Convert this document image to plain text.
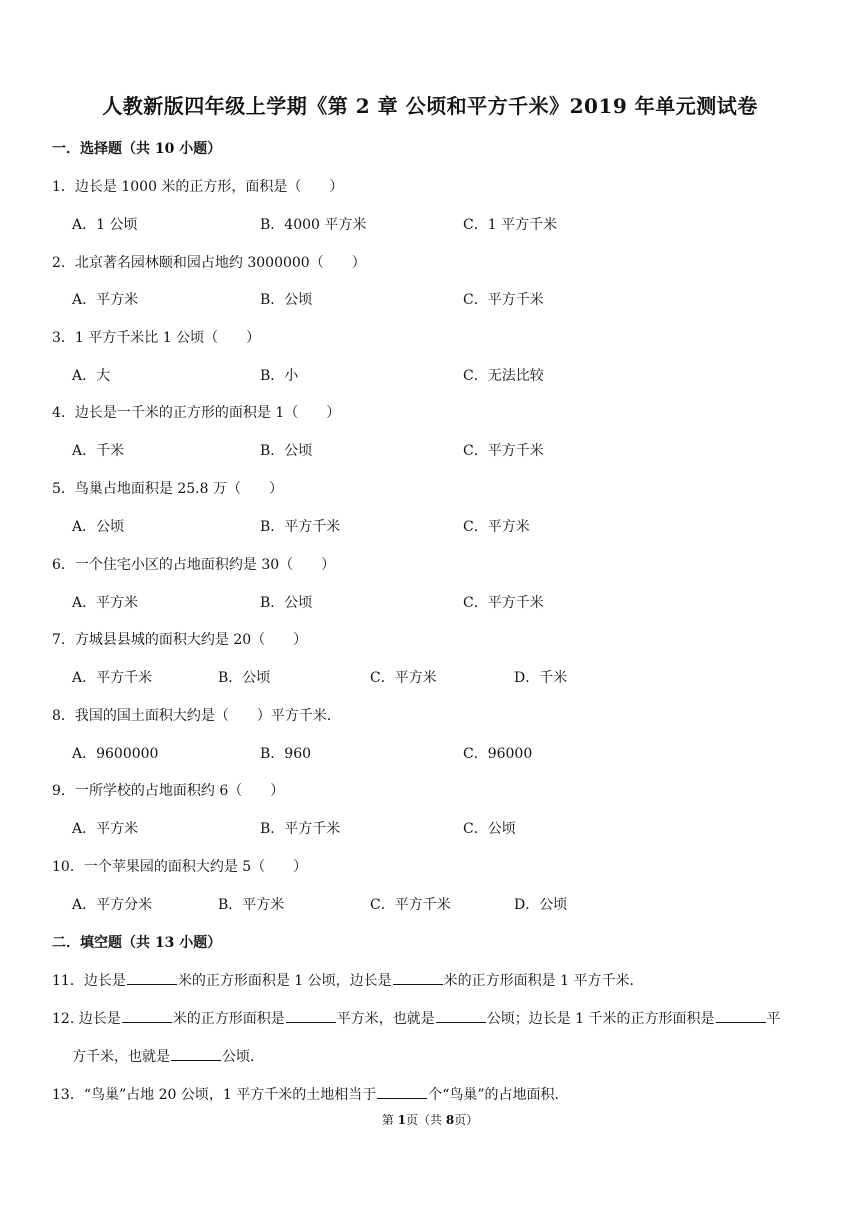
人教新版四年级上学期《第 2 章 公顷和平方千米》2019 年单元测试卷
一．选择题（共 10 小题）
1．边长是 1000 米的正方形，面积是（　　）
A．1 公顷	B．4000 平方米	C．1 平方千米
2．北京著名园林颐和园占地约 3000000（　　）
A．平方米	B．公顷	C．平方千米
3．1 平方千米比 1 公顷（　　）
A．大	B．小	C．无法比较
4．边长是一千米的正方形的面积是 1（　　）
A．千米	B．公顷	C．平方千米
5．鸟巢占地面积是 25.8 万（　　）
A．公顷	B．平方千米	C．平方米
6．一个住宅小区的占地面积约是 30（　　）
A．平方米	B．公顷	C．平方千米
7．方城县县城的面积大约是 20（　　）
A．平方千米	B．公顷	C．平方米	D．千米
8．我国的国土面积大约是（　　）平方千米．
A．9600000	B．960	C．96000
9．一所学校的占地面积约 6（　　）
A．平方米	B．平方千米	C．公顷
10．一个苹果园的面积大约是 5（　　）
A．平方分米	B．平方米	C．平方千米	D．公顷
二．填空题（共 13 小题）
11．边长是	米的正方形面积是 1 公顷，边长是	米的正方形面积是 1 平方千米．
12. 边长是	米的正方形面积是	平方米，也就是	公顷；边长是 1 千米的正方形面积是	平
方千米，也就是	公顷．
13．“鸟巢”占地 20 公顷，1 平方千米的土地相当于	个“鸟巢”的占地面积．
第 1页（共 8页）
